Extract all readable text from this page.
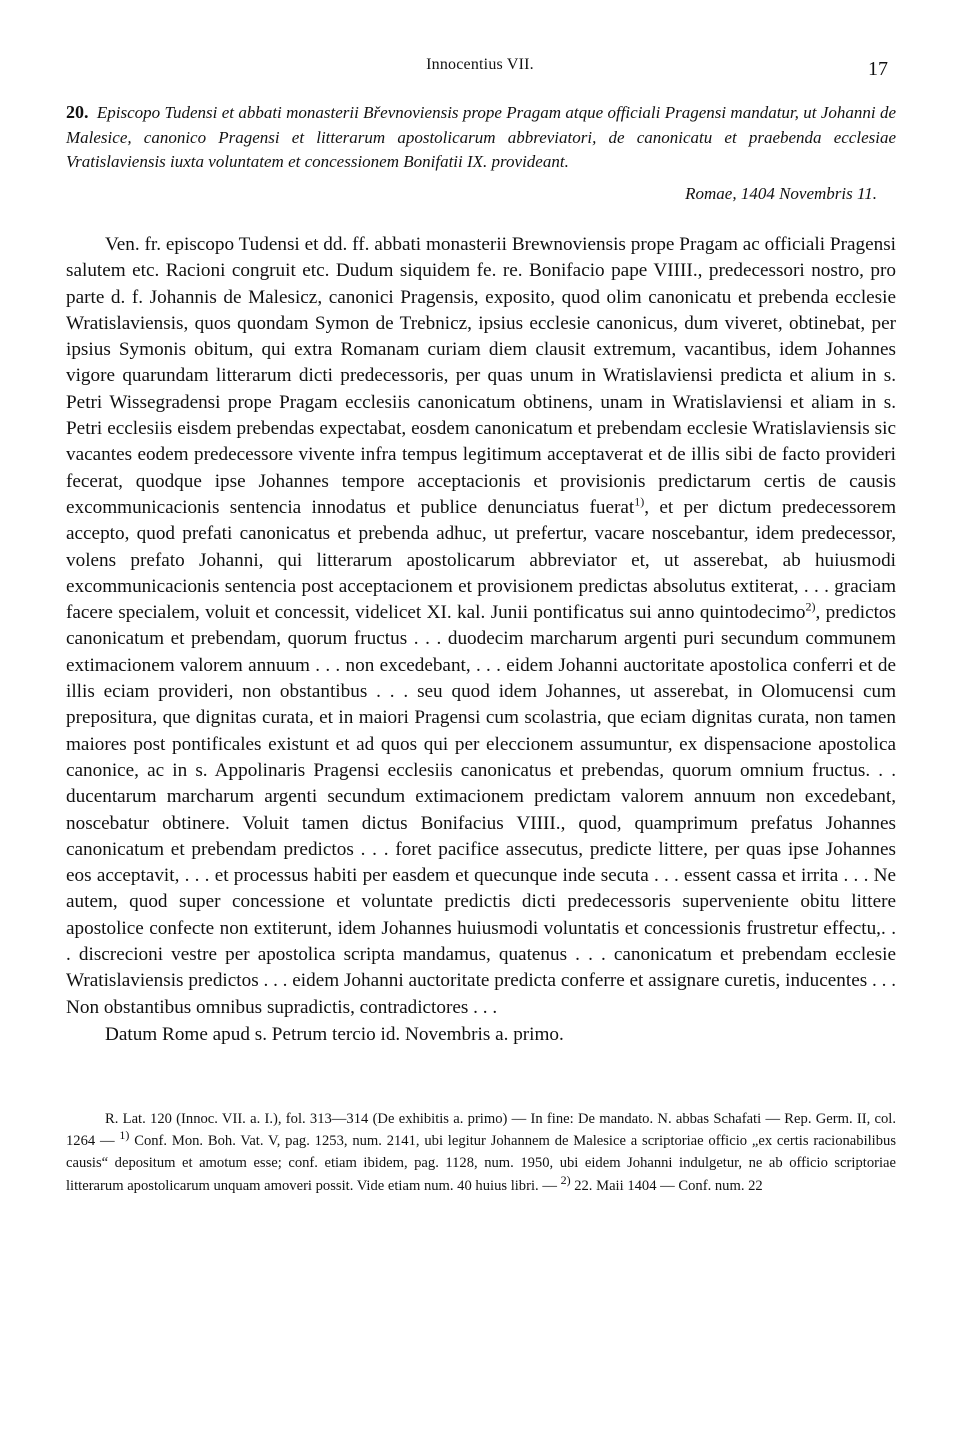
Innocentius VII.	17
20. Episcopo Tudensi et abbati monasterii Břevnoviensis prope Pragam atque officiali Pragensi mandatur, ut Johanni de Malesice, canonico Pragensi et litterarum apostolicarum abbreviatori, de canonicatu et praebenda ecclesiae Vratislaviensis iuxta voluntatem et concessionem Bonifatii IX. provideant.
Romae, 1404 Novembris 11.

Ven. fr. episcopo Tudensi et dd. ff. abbati monasterii Brewnoviensis prope Pragam ac officiali Pragensi salutem etc. Racioni congruit etc. Dudum siquidem fe. re. Bonifacio pape VIIII., predecessori nostro, pro parte d. f. Johannis de Malesicz, canonici Pragensis, exposito, quod olim canonicatu et prebenda ecclesie Wratislaviensis, quos quondam Symon de Trebnicz, ipsius ecclesie canonicus, dum viveret, obtinebat, per ipsius Symonis obitum, qui extra Romanam curiam diem clausit extremum, vacantibus, idem Johannes vigore quarundam litterarum dicti predecessoris, per quas unum in Wratislaviensi predicta et alium in s. Petri Wissegradensi prope Pragam ecclesiis canonicatum obtinens, unam in Wratislaviensi et aliam in s. Petri ecclesiis eisdem prebendas expectabat, eosdem canonicatum et prebendam ecclesie Wratislaviensis sic vacantes eodem predecessore vivente infra tempus legitimum acceptaverat et de illis sibi de facto provideri fecerat, quodque ipse Johannes tempore acceptacionis et provisionis predictarum certis de causis excommunicacionis sentencia innodatus et publice denunciatus fuerat$^{1)}$, et per dictum predecessorem accepto, quod prefati canonicatus et prebenda adhuc, ut prefertur, vacare noscebantur, idem predecessor, volens prefato Johanni, qui litterarum apostolicarum abbreviator et, ut asserebat, ab huiusmodi excommunicacionis sentencia post acceptacionem et provisionem predictas absolutus extiterat, . . . graciam facere specialem, voluit et concessit, videlicet XI. kal. Junii pontificatus sui anno quintodecimo$^{2)}$, predictos canonicatum et prebendam, quorum fructus . . . duodecim marcharum argenti puri secundum communem extimacionem valorem annuum . . . non excedebant, . . . eidem Johanni auctoritate apostolica conferri et de illis eciam provideri, non obstantibus . . . seu quod idem Johannes, ut asserebat, in Olomucensi cum prepositura, que dignitas curata, et in maiori Pragensi cum scolastria, que eciam dignitas curata, non tamen maiores post pontificales existunt et ad quos qui per eleccionem assumuntur, ex dispensacione apostolica canonice, ac in s. Appolinaris Pragensi ecclesiis canonicatus et prebendas, quorum omnium fructus. . . ducentarum marcharum argenti secundum extimacionem predictam valorem annuum non excedebant, noscebatur obtinere. Voluit tamen dictus Bonifacius VIIII., quod, quamprimum prefatus Johannes canonicatum et prebendam predictos . . . foret pacifice assecutus, predicte littere, per quas ipse Johannes eos acceptavit, . . . et processus habiti per easdem et quecunque inde secuta . . . essent cassa et irrita . . . Ne autem, quod super concessione et voluntate predictis dicti predecessoris superveniente obitu littere apostolice confecte non extiterunt, idem Johannes huiusmodi voluntatis et concessionis frustretur effectu,. . . discrecioni vestre per apostolica scripta mandamus, quatenus . . . canonicatum et prebendam ecclesie Wratislaviensis predictos . . . eidem Johanni auctoritate predicta conferre et assignare curetis, inducentes . . . Non obstantibus omnibus supradictis, contradictores . . .

Datum Rome apud s. Petrum tercio id. Novembris a. primo.

R. Lat. 120 (Innoc. VII. a. I.), fol. 313—314 (De exhibitis a. primo) — In fine: De mandato. N. abbas Schafati — Rep. Germ. II, col. 1264 — $^{1)}$ Conf. Mon. Boh. Vat. V, pag. 1253, num. 2141, ubi legitur Johannem de Malesice a scriptoriae officio „ex certis racionabilibus causis“ depositum et amotum esse; conf. etiam ibidem, pag. 1128, num. 1950, ubi eidem Johanni indulgetur, ne ab officio scriptoriae litterarum apostolicarum unquam amoveri possit. Vide etiam num. 40 huius libri. — $^{2)}$ 22. Maii 1404 — Conf. num. 22
